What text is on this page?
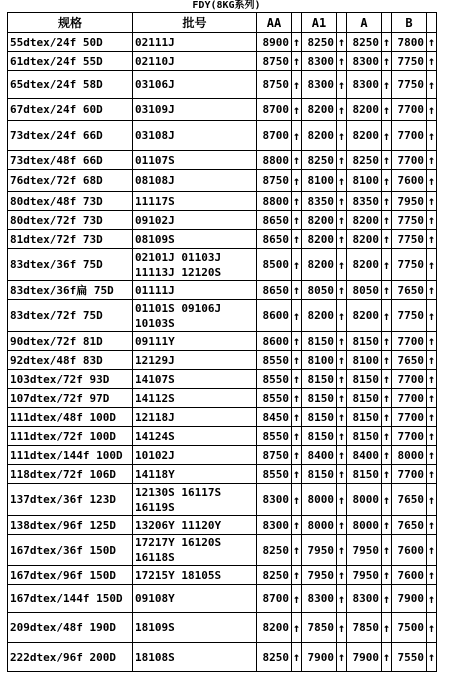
FDY(8KG系列)
规格	批号	AA		A1		A		B	
55dtex/24f 50D	02111J	8900	↑	8250	↑	8250	↑	7800	↑
61dtex/24f 55D	02110J	8750	↑	8300	↑	8300	↑	7750	↑
65dtex/24f 58D	03106J	8750	↑	8300	↑	8300	↑	7750	↑
67dtex/24f 60D	03109J	8700	↑	8200	↑	8200	↑	7700	↑
73dtex/24f 66D	03108J	8700	↑	8200	↑	8200	↑	7700	↑
73dtex/48f 66D	01107S	8800	↑	8250	↑	8250	↑	7700	↑
76dtex/72f 68D	08108J	8750	↑	8100	↑	8100	↑	7600	↑
80dtex/48f 73D	11117S	8800	↑	8350	↑	8350	↑	7950	↑
80dtex/72f 73D	09102J	8650	↑	8200	↑	8200	↑	7750	↑
81dtex/72f 73D	08109S	8650	↑	8200	↑	8200	↑	7750	↑
83dtex/36f 75D	02101J 01103J
11113J 12120S	8500	↑	8200	↑	8200	↑	7750	↑
83dtex/36f扁 75D	01111J	8650	↑	8050	↑	8050	↑	7650	↑
83dtex/72f 75D	01101S 09106J
10103S	8600	↑	8200	↑	8200	↑	7750	↑
90dtex/72f 81D	09111Y	8600	↑	8150	↑	8150	↑	7700	↑
92dtex/48f 83D	12129J	8550	↑	8100	↑	8100	↑	7650	↑
103dtex/72f 93D	14107S	8550	↑	8150	↑	8150	↑	7700	↑
107dtex/72f 97D	14112S	8550	↑	8150	↑	8150	↑	7700	↑
111dtex/48f 100D	12118J	8450	↑	8150	↑	8150	↑	7700	↑
111dtex/72f 100D	14124S	8550	↑	8150	↑	8150	↑	7700	↑
111dtex/144f 100D	10102J	8750	↑	8400	↑	8400	↑	8000	↑
118dtex/72f 106D	14118Y	8550	↑	8150	↑	8150	↑	7700	↑
137dtex/36f 123D	12130S 16117S
16119S	8300	↑	8000	↑	8000	↑	7650	↑
138dtex/96f 125D	13206Y 11120Y	8300	↑	8000	↑	8000	↑	7650	↑
167dtex/36f 150D	17217Y 16120S
16118S	8250	↑	7950	↑	7950	↑	7600	↑
167dtex/96f 150D	17215Y 18105S	8250	↑	7950	↑	7950	↑	7600	↑
167dtex/144f 150D	09108Y	8700	↑	8300	↑	8300	↑	7900	↑
209dtex/48f 190D	18109S	8200	↑	7850	↑	7850	↑	7500	↑
222dtex/96f 200D	18108S	8250	↑	7900	↑	7900	↑	7550	↑
